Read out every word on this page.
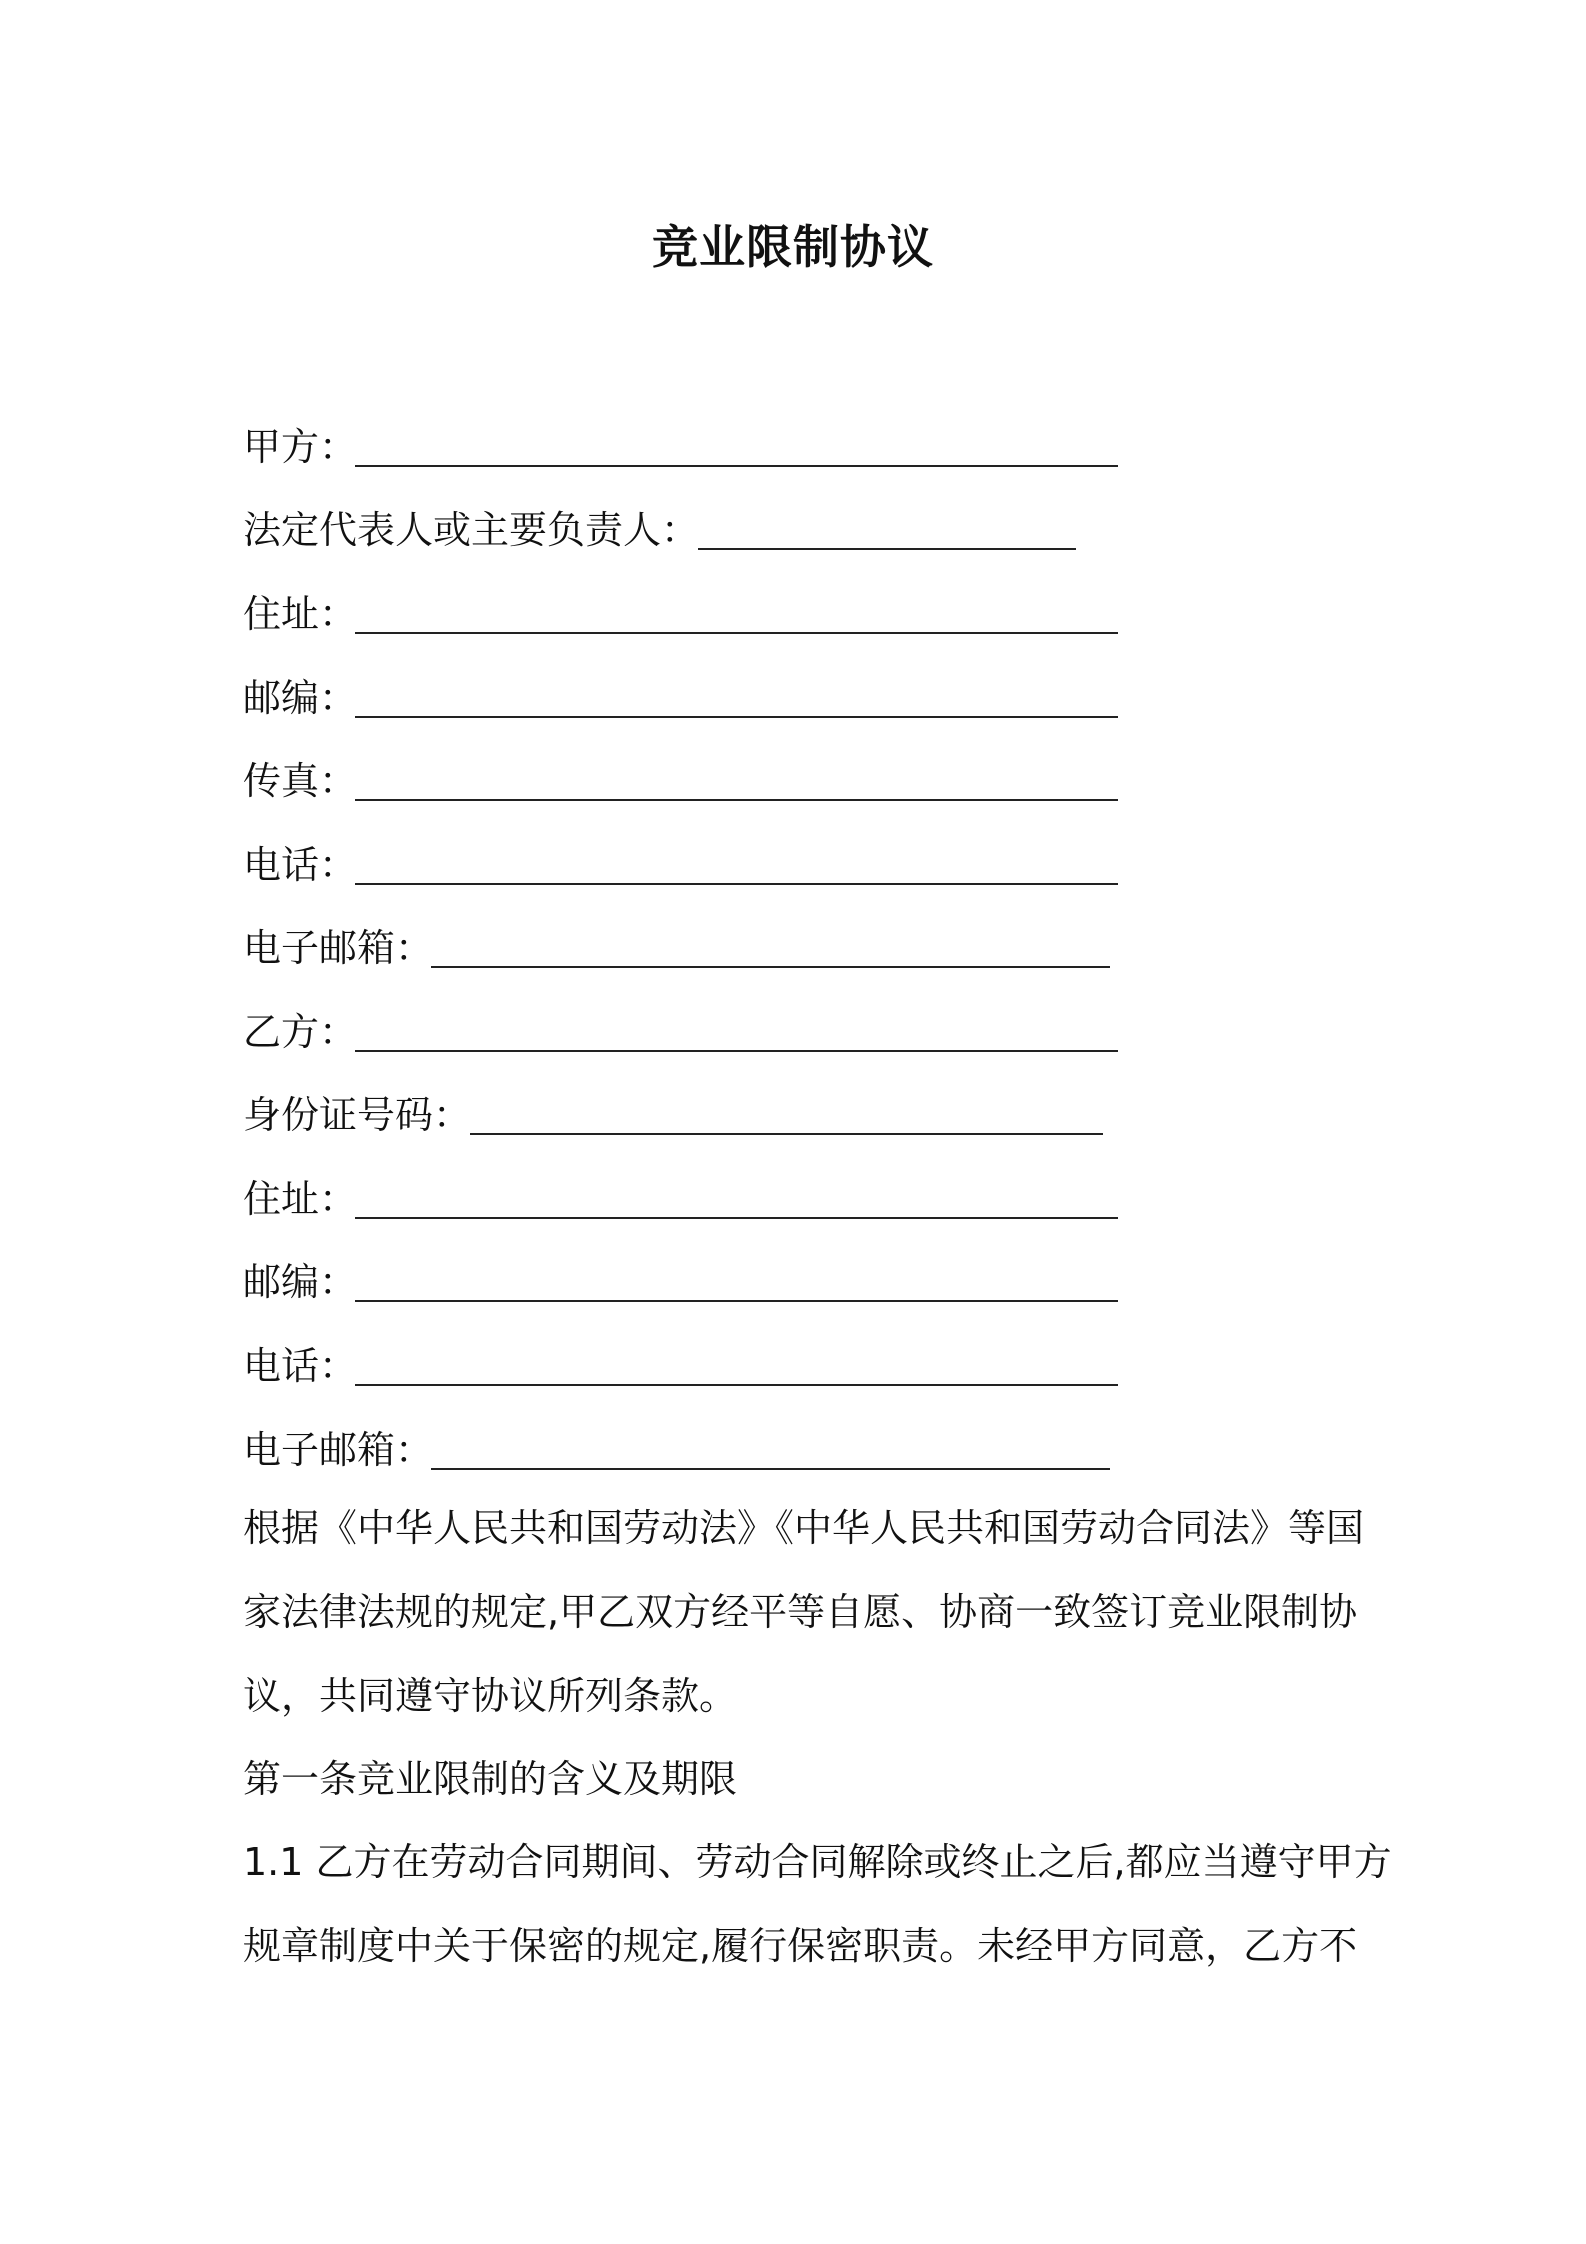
竞业限制协议
甲方：
法定代表人或主要负责人：
住址：
邮编：
传真：
电话：
电子邮箱：
乙方：
身份证号码：
住址：
邮编：
电话：
电子邮箱：
根据《中华人民共和国劳动法》《中华人民共和国劳动合同法》等国
家法律法规的规定,甲乙双方经平等自愿、协商一致签订竞业限制协
议，共同遵守协议所列条款。
第一条竞业限制的含义及期限
1.1 乙方在劳动合同期间、劳动合同解除或终止之后,都应当遵守甲方
规章制度中关于保密的规定,履行保密职责。未经甲方同意，乙方不
